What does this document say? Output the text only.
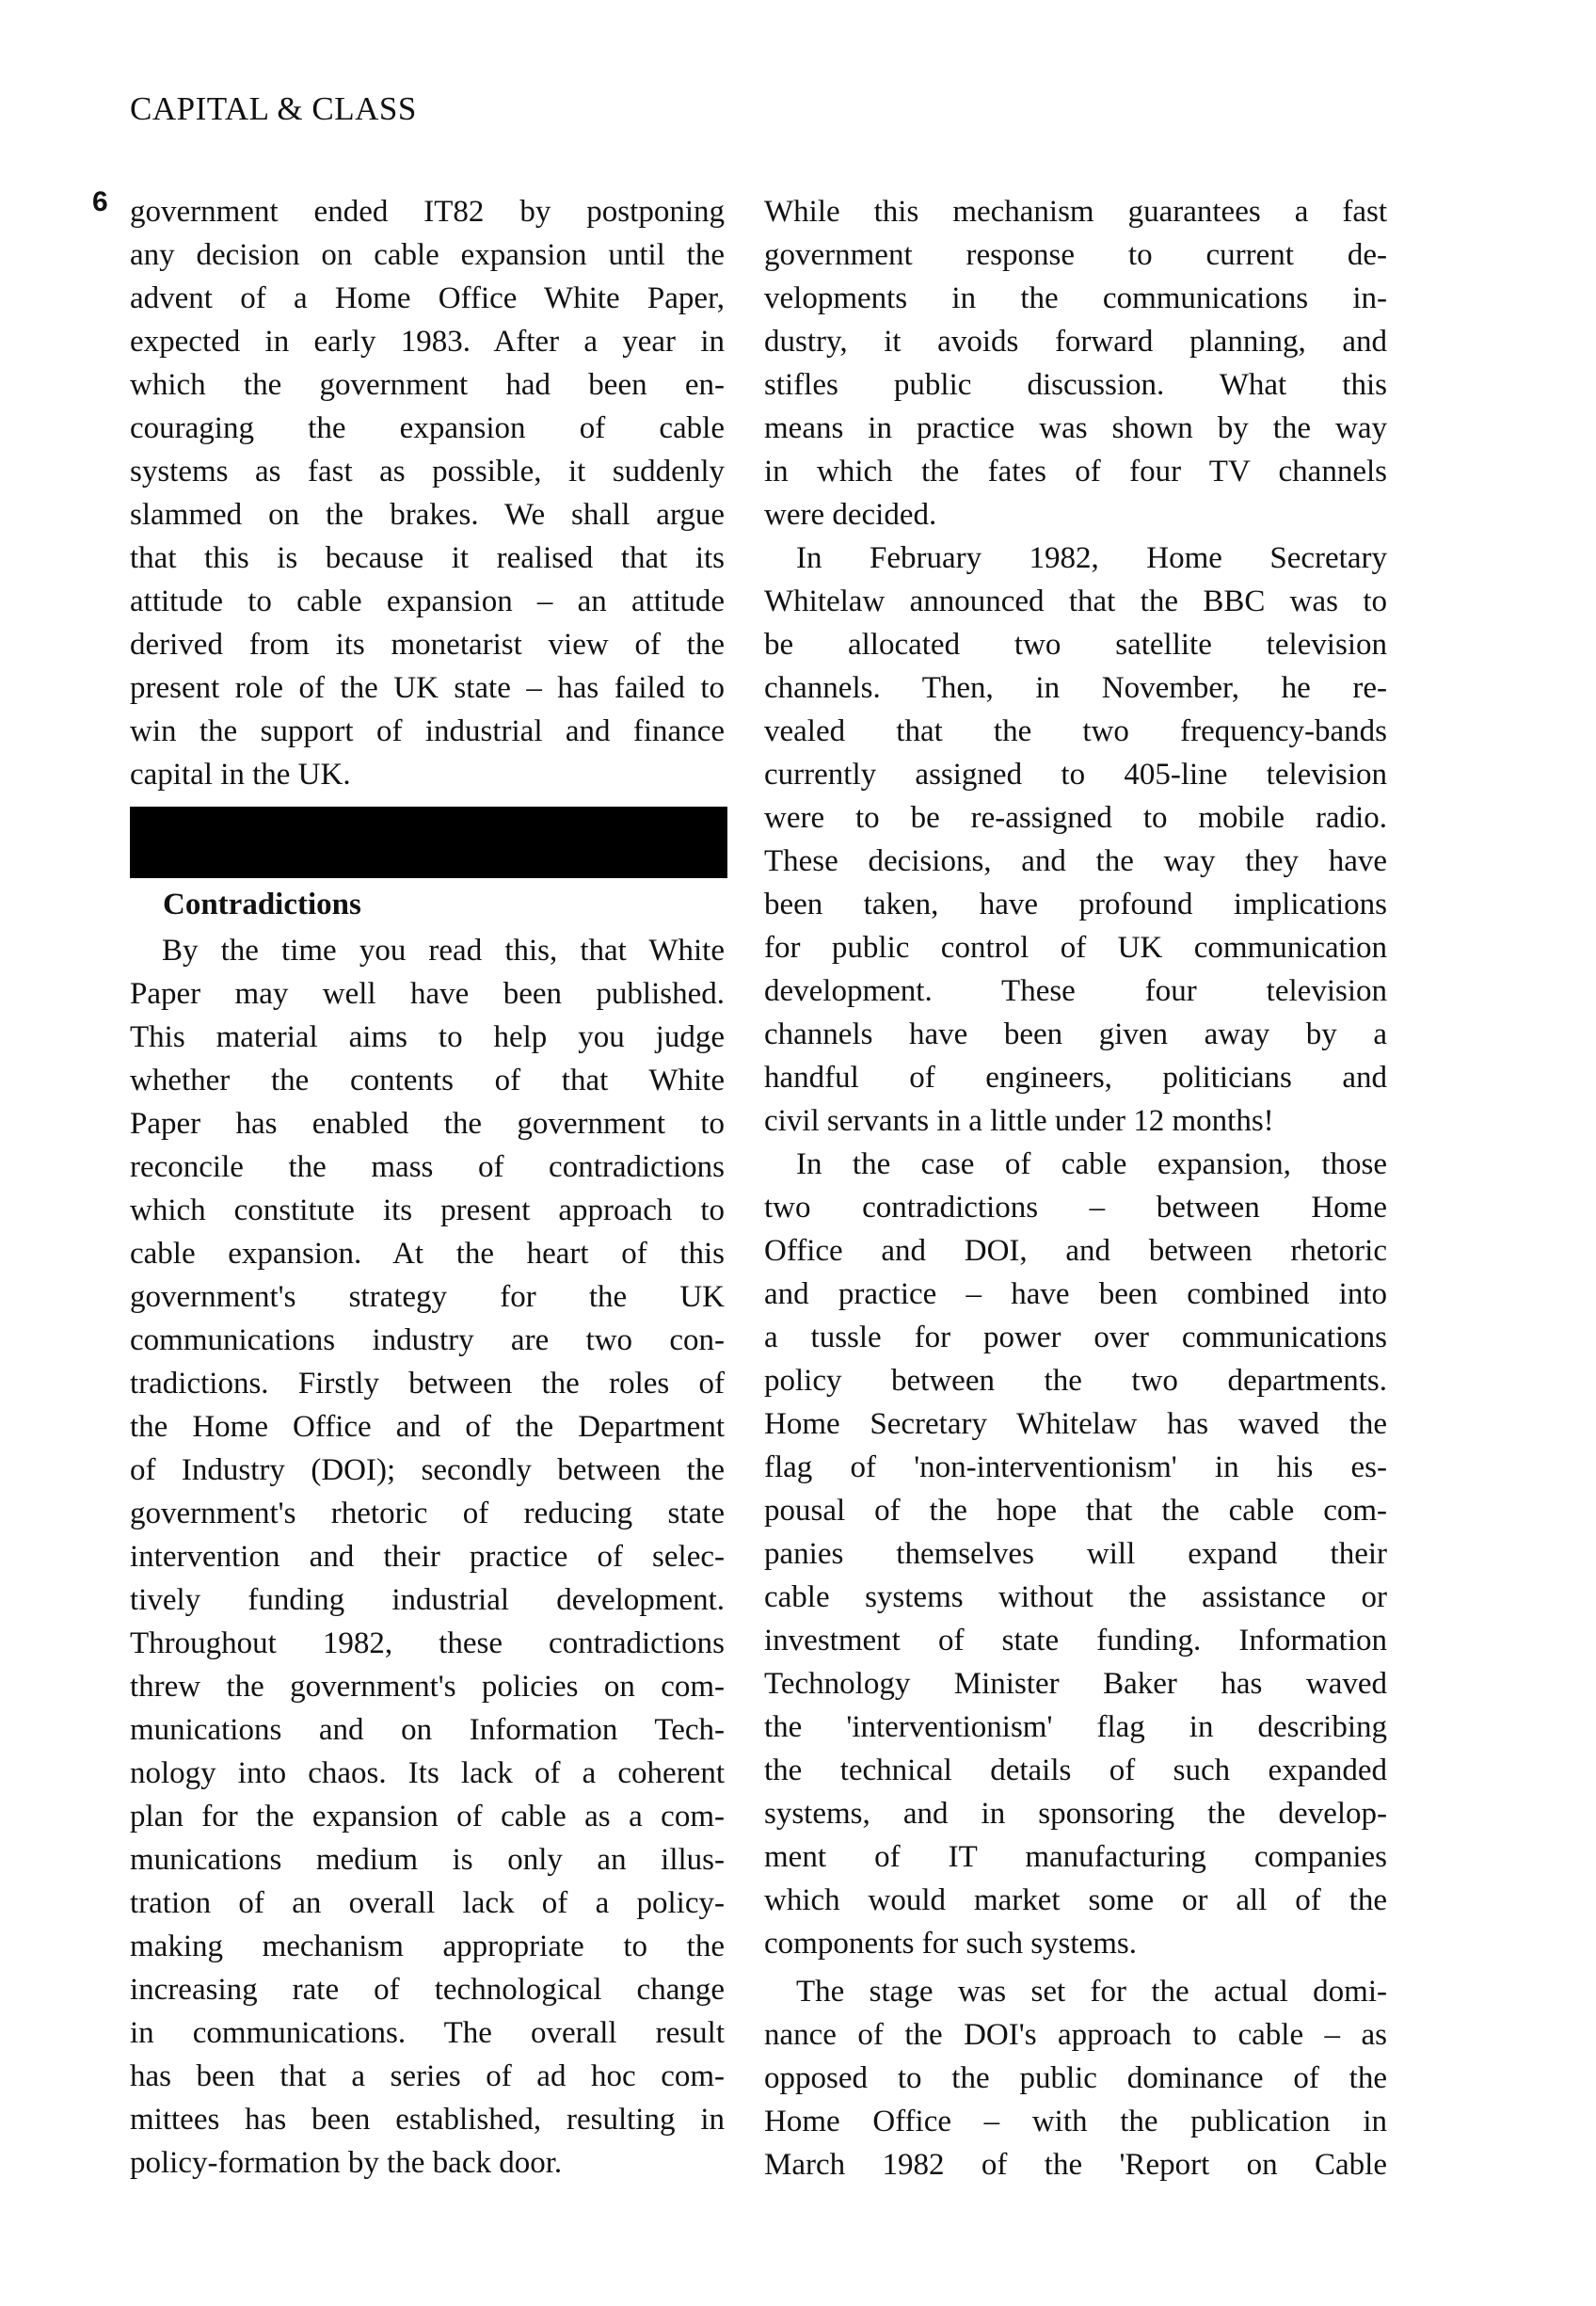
CAPITAL & CLASS
6 government ended IT82 by postponing
any decision on cable expansion until the
advent of a Home Office White Paper,
expected in early 1983. After a year in
which the government had been en-
couraging the expansion of cable
systems as fast as possible, it suddenly
slammed on the brakes. We shall argue
that this is because it realised that its
attitude to cable expansion – an attitude
derived from its monetarist view of the
present role of the UK state – has failed to
win the support of industrial and finance
capital in the UK.
Contradictions
By the time you read this, that White
Paper may well have been published.
This material aims to help you judge
whether the contents of that White
Paper has enabled the government to
reconcile the mass of contradictions
which constitute its present approach to
cable expansion. At the heart of this
government's strategy for the UK
communications industry are two con-
tradictions. Firstly between the roles of
the Home Office and of the Department
of Industry (DOI); secondly between the
government's rhetoric of reducing state
intervention and their practice of selec-
tively funding industrial development.
Throughout 1982, these contradictions
threw the government's policies on com-
munications and on Information Tech-
nology into chaos. Its lack of a coherent
plan for the expansion of cable as a com-
munications medium is only an illus-
tration of an overall lack of a policy-
making mechanism appropriate to the
increasing rate of technological change
in communications. The overall result
has been that a series of ad hoc com-
mittees has been established, resulting in
policy-formation by the back door.
While this mechanism guarantees a fast
government response to current de-
velopments in the communications in-
dustry, it avoids forward planning, and
stifles public discussion. What this
means in practice was shown by the way
in which the fates of four TV channels
were decided.
In February 1982, Home Secretary
Whitelaw announced that the BBC was to
be allocated two satellite television
channels. Then, in November, he re-
vealed that the two frequency-bands
currently assigned to 405-line television
were to be re-assigned to mobile radio.
These decisions, and the way they have
been taken, have profound implications
for public control of UK communication
development. These four television
channels have been given away by a
handful of engineers, politicians and
civil servants in a little under 12 months!
In the case of cable expansion, those
two contradictions – between Home
Office and DOI, and between rhetoric
and practice – have been combined into
a tussle for power over communications
policy between the two departments.
Home Secretary Whitelaw has waved the
flag of 'non-interventionism' in his es-
pousal of the hope that the cable com-
panies themselves will expand their
cable systems without the assistance or
investment of state funding. Information
Technology Minister Baker has waved
the 'interventionism' flag in describing
the technical details of such expanded
systems, and in sponsoring the develop-
ment of IT manufacturing companies
which would market some or all of the
components for such systems.
The stage was set for the actual domi-
nance of the DOI's approach to cable – as
opposed to the public dominance of the
Home Office – with the publication in
March 1982 of the 'Report on Cable
